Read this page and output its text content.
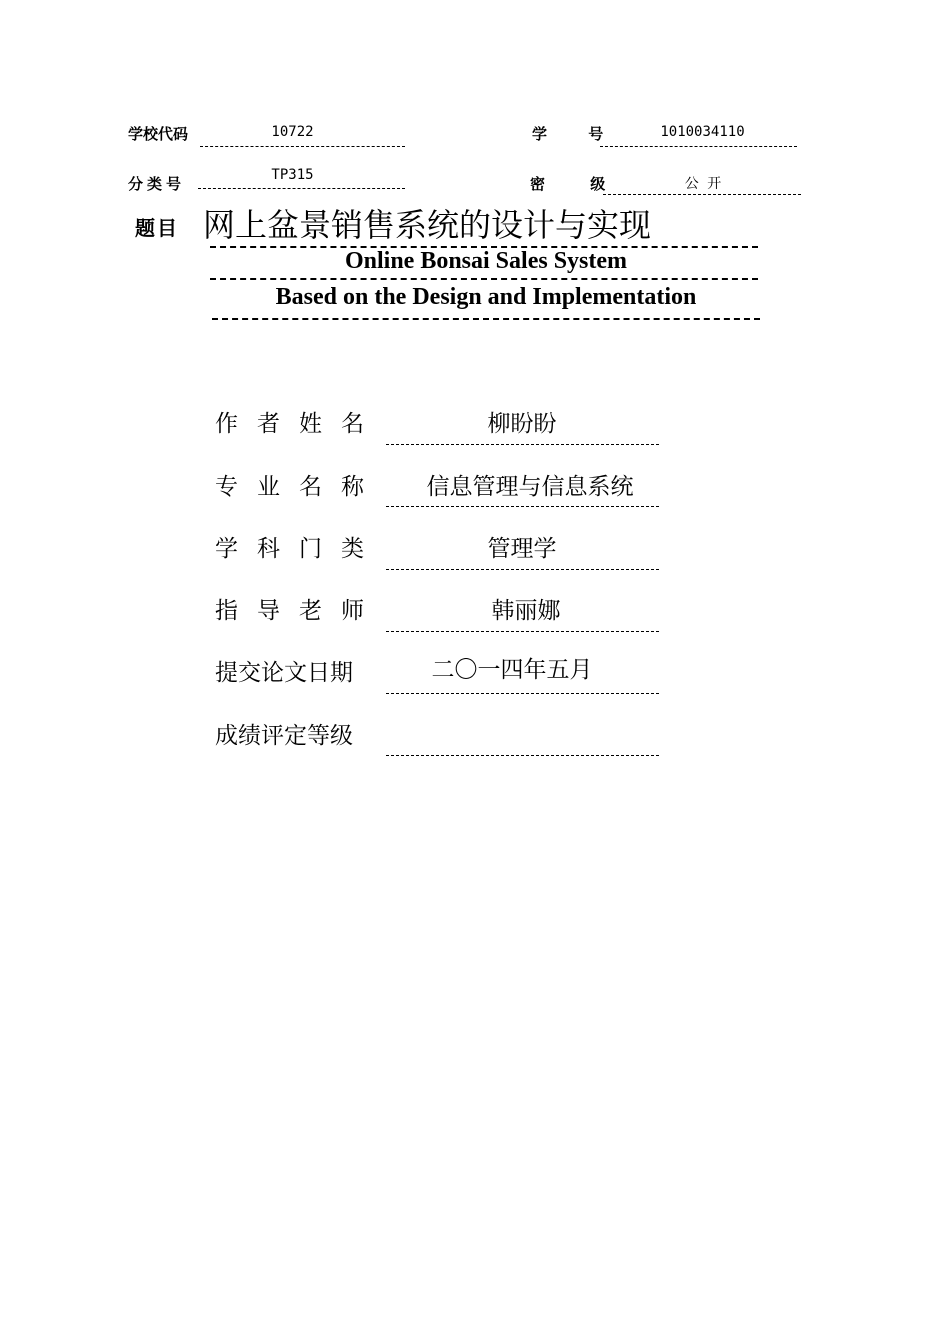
学校代码	10722	学 号	1010034110
分类号	TP315	密 级	公 开
题目 网上盆景销售系统的设计与实现
Online Bonsai Sales System
Based on the Design and Implementation
作者姓名	柳盼盼
专业名称	信息管理与信息系统
学科门类	管理学
指导老师	韩丽娜
提交论文日期	二〇一四年五月
成绩评定等级
